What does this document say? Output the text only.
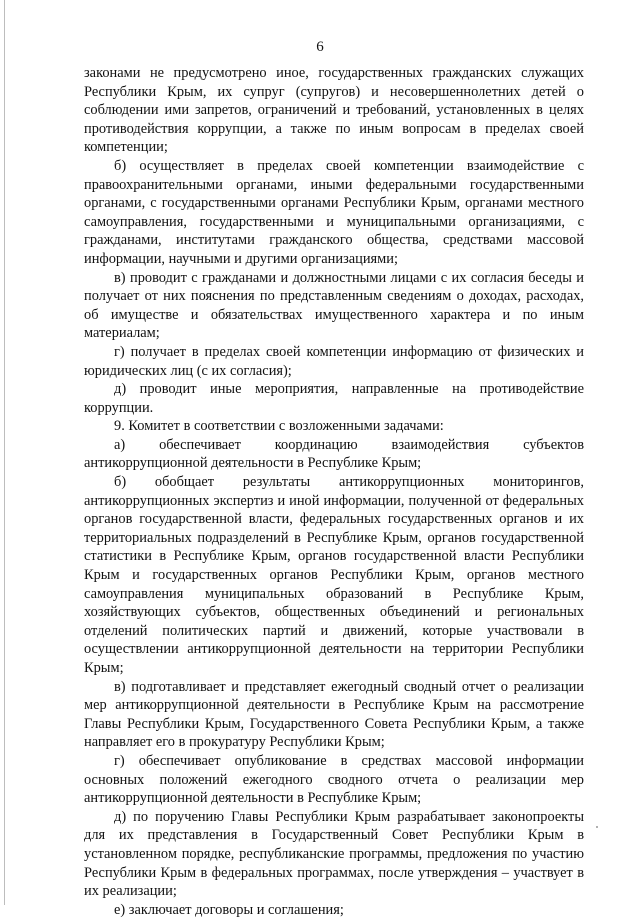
6

законами не предусмотрено иное, государственных гражданских служащих Республики Крым, их супруг (супругов) и несовершеннолетних детей о соблюдении ими запретов, ограничений и требований, установленных в целях противодействия коррупции, а также по иным вопросам в пределах своей компетенции;

б) осуществляет в пределах своей компетенции взаимодействие с правоохранительными органами, иными федеральными государственными органами, с государственными органами Республики Крым, органами местного самоуправления, государственными и муниципальными организациями, с гражданами, институтами гражданского общества, средствами массовой информации, научными и другими организациями;

в) проводит с гражданами и должностными лицами с их согласия беседы и получает от них пояснения по представленным сведениям о доходах, расходах, об имуществе и обязательствах имущественного характера и по иным материалам;

г) получает в пределах своей компетенции информацию от физических и юридических лиц (с их согласия);

д) проводит иные мероприятия, направленные на противодействие коррупции.

9. Комитет в соответствии с возложенными задачами:

а) обеспечивает координацию взаимодействия субъектов антикоррупционной деятельности в Республике Крым;

б) обобщает результаты антикоррупционных мониторингов, антикоррупционных экспертиз и иной информации, полученной от федеральных органов государственной власти, федеральных государственных органов и их территориальных подразделений в Республике Крым, органов государственной статистики в Республике Крым, органов государственной власти Республики Крым и государственных органов Республики Крым, органов местного самоуправления муниципальных образований в Республике Крым, хозяйствующих субъектов, общественных объединений и региональных отделений политических партий и движений, которые участвовали в осуществлении антикоррупционной деятельности на территории Республики Крым;

в) подготавливает и представляет ежегодный сводный отчет о реализации мер антикоррупционной деятельности в Республике Крым на рассмотрение Главы Республики Крым, Государственного Совета Республики Крым, а также направляет его в прокуратуру Республики Крым;

г) обеспечивает опубликование в средствах массовой информации основных положений ежегодного сводного отчета о реализации мер антикоррупционной деятельности в Республике Крым;

д) по поручению Главы Республики Крым разрабатывает законопроекты для их представления в Государственный Совет Республики Крым в установленном порядке, республиканские программы, предложения по участию Республики Крым в федеральных программах, после утверждения – участвует в их реализации;

е) заключает договоры и соглашения;
